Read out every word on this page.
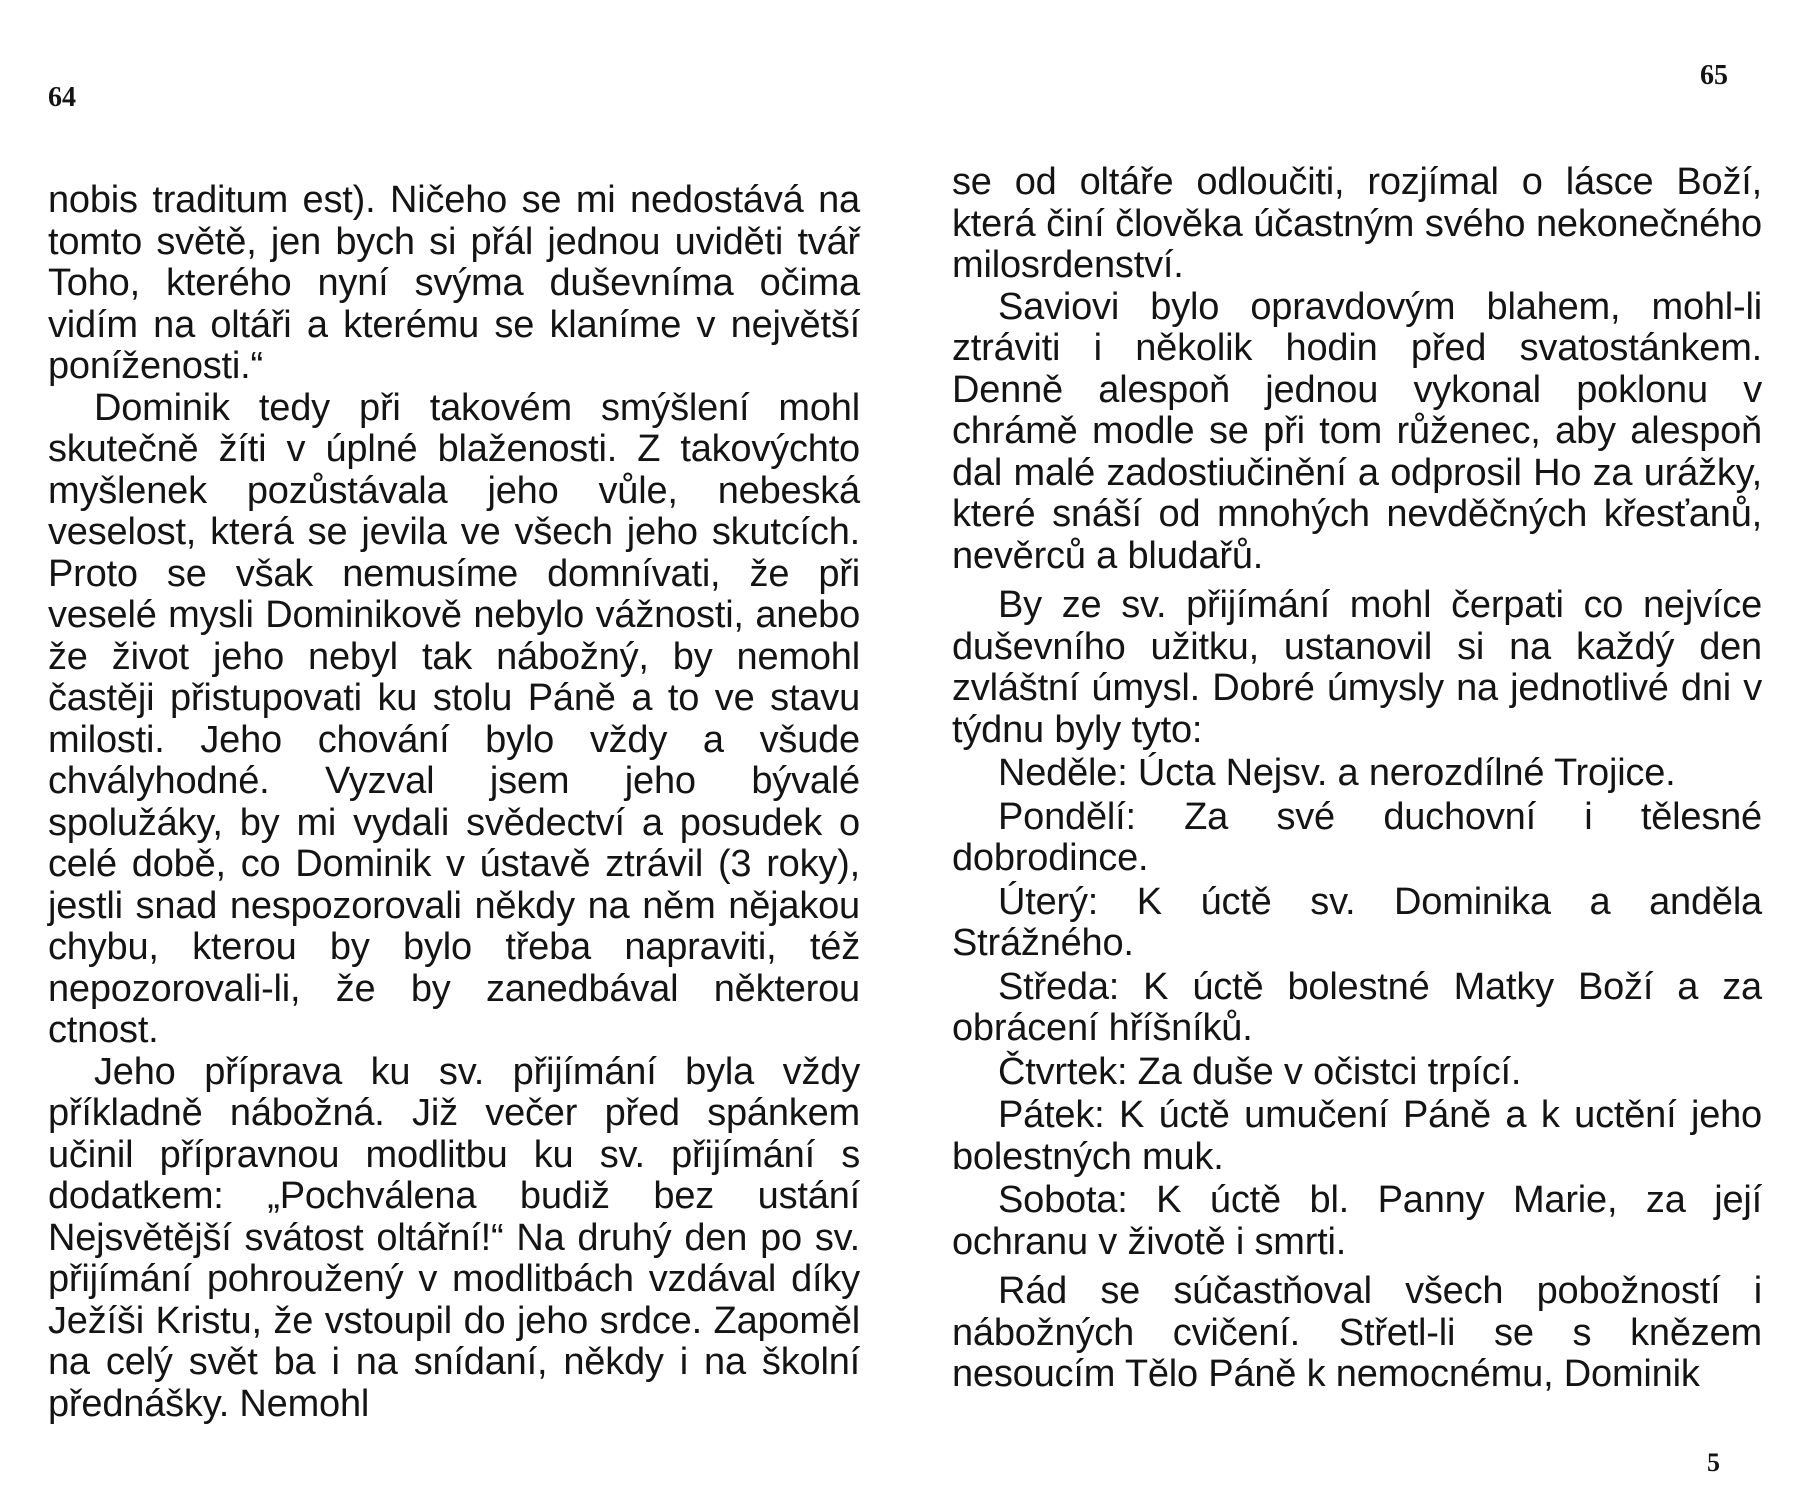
64

nobis traditum est). Ničeho se mi nedostává na tomto světě, jen bych si přál jednou uviděti tvář Toho, kterého nyní svýma duševníma očima vidím na oltáři a kterému se klaníme v největší poníženosti.“

Dominik tedy při takovém smýšlení mohl skutečně žíti v úplné blaženosti. Z takovýchto myšlenek pozůstávala jeho vůle, nebeská veselost, která se jevila ve všech jeho skutcích. Proto se však nemusíme domnívati, že při veselé mysli Dominikově nebylo vážnosti, anebo že život jeho nebyl tak nábožný, by nemohl častěji přistupovati ku stolu Páně a to ve stavu milosti. Jeho chování bylo vždy a všude chvályhodné. Vyzval jsem jeho bývalé spolužáky, by mi vydali svědectví a posudek o celé době, co Dominik v ústavě ztrávil (3 roky), jestli snad nespozorovali někdy na něm nějakou chybu, kterou by bylo třeba napraviti, též nepozorovali-li, že by zanedbával některou ctnost.

Jeho příprava ku sv. přijímání byla vždy příkladně nábožná. Již večer před spánkem učinil přípravnou modlitbu ku sv. přijímání s dodatkem: „Pochválena budiž bez ustání Nejsvětější svátost oltářní!“ Na druhý den po sv. přijímání pohroužený v modlitbách vzdával díky Ježíši Kristu, že vstoupil do jeho srdce. Zapoměl na celý svět ba i na snídaní, někdy i na školní přednášky. Nemohl

65

se od oltáře odloučiti, rozjímal o lásce Boží, která činí člověka účastným svého nekonečného milosrdenství.

Saviovi bylo opravdovým blahem, mohl-li ztráviti i několik hodin před svatostánkem. Denně alespoň jednou vykonal poklonu v chrámě modle se při tom růženec, aby alespoň dal malé zadostiučinění a odprosil Ho za urážky, které snáší od mnohých nevděčných křesťanů, nevěrců a bludařů.

By ze sv. přijímání mohl čerpati co nejvíce duševního užitku, ustanovil si na každý den zvláštní úmysl. Dobré úmysly na jednotlivé dni v týdnu byly tyto:

Neděle: Úcta Nejsv. a nerozdílné Trojice.

Pondělí: Za své duchovní i tělesné dobrodince.

Úterý: K úctě sv. Dominika a anděla Strážného.

Středa: K úctě bolestné Matky Boží a za obrácení hříšníků.

Čtvrtek: Za duše v očistci trpící.

Pátek: K úctě umučení Páně a k uctění jeho bolestných muk.

Sobota: K úctě bl. Panny Marie, za její ochranu v životě i smrti.

Rád se súčastňoval všech pobožností i nábožných cvičení. Střetl-li se s knězem nesoucím Tělo Páně k nemocnému, Dominik

5
